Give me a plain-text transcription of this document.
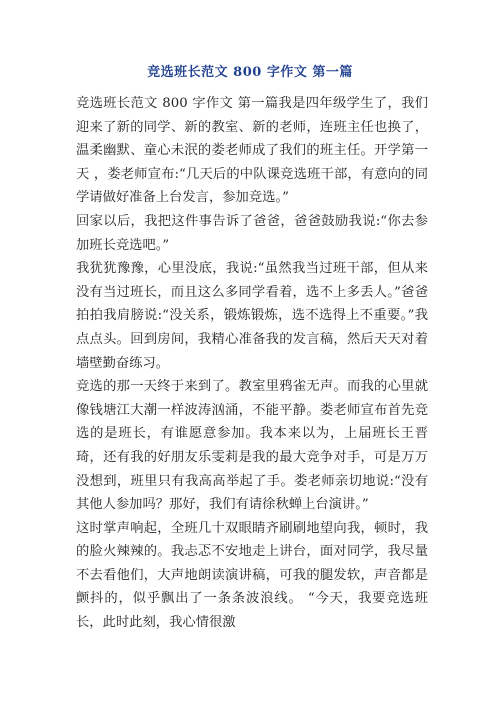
竞选班长范文 800 字作文 第一篇

竞选班长范文 800 字作文 第一篇我是四年级学生了，我们迎来了新的同学、新的教室、新的老师，连班主任也换了，温柔幽默、童心未泯的娄老师成了我们的班主任。开学第一天 ，娄老师宣布:“几天后的中队课竞选班干部，有意向的同学请做好准备上台发言，参加竞选。”

回家以后，我把这件事告诉了爸爸，爸爸鼓励我说:“你去参加班长竞选吧。”

我犹犹豫豫，心里没底，我说:“虽然我当过班干部，但从来没有当过班长，而且这么多同学看着，选不上多丢人。”爸爸拍拍我肩膀说:“没关系，锻炼锻炼，选不选得上不重要。”我点点头。回到房间，我精心准备我的发言稿，然后天天对着墙壁勤奋练习。

竞选的那一天终于来到了。教室里鸦雀无声。而我的心里就像钱塘江大潮一样波涛汹涌，不能平静。娄老师宣布首先竞选的是班长，有谁愿意参加。我本来以为，上届班长王晋琦，还有我的好朋友乐雯莉是我的最大竞争对手，可是万万没想到，班里只有我高高举起了手。娄老师亲切地说:“没有其他人参加吗？那好，我们有请徐秋蝉上台演讲。”

这时掌声响起，全班几十双眼睛齐刷刷地望向我，顿时，我的脸火辣辣的。我忐忑不安地走上讲台，面对同学，我尽量不去看他们，大声地朗读演讲稿，可我的腿发软，声音都是颤抖的，似乎飘出了一条条波浪线。 “今天，我要竞选班长，此时此刻，我心情很激
